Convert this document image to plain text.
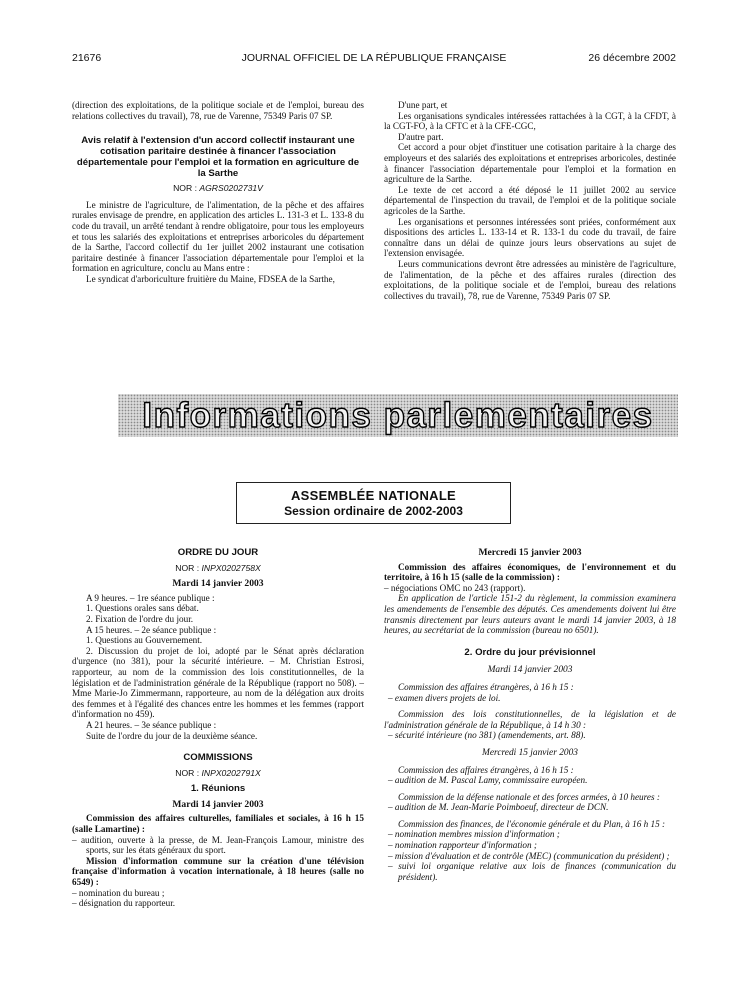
21676	JOURNAL OFFICIEL DE LA RÉPUBLIQUE FRANÇAISE	26 décembre 2002

(direction des exploitations, de la politique sociale et de l'emploi, bureau des relations collectives du travail), 78, rue de Varenne, 75349 Paris 07 SP.

Avis relatif à l'extension d'un accord collectif instaurant une cotisation paritaire destinée à financer l'association départementale pour l'emploi et la formation en agriculture de la Sarthe
NOR : AGRS0202731V

Le ministre de l'agriculture, de l'alimentation, de la pêche et des affaires rurales envisage de prendre, en application des articles L. 131-3 et L. 133-8 du code du travail, un arrêté tendant à rendre obligatoire, pour tous les employeurs et tous les salariés des exploitations et entreprises arboricoles du département de la Sarthe, l'accord collectif du 1er juillet 2002 instaurant une cotisation paritaire destinée à financer l'association départementale pour l'emploi et la formation en agriculture, conclu au Mans entre :

Le syndicat d'arboriculture fruitière du Maine, FDSEA de la Sarthe,

D'une part, et

Les organisations syndicales intéressées rattachées à la CGT, à la CFDT, à la CGT-FO, à la CFTC et à la CFE-CGC,

D'autre part.

Cet accord a pour objet d'instituer une cotisation paritaire à la charge des employeurs et des salariés des exploitations et entreprises arboricoles, destinée à financer l'association départementale pour l'emploi et la formation en agriculture de la Sarthe.

Le texte de cet accord a été déposé le 11 juillet 2002 au service départemental de l'inspection du travail, de l'emploi et de la politique sociale agricoles de la Sarthe.

Les organisations et personnes intéressées sont priées, conformément aux dispositions des articles L. 133-14 et R. 133-1 du code du travail, de faire connaître dans un délai de quinze jours leurs observations au sujet de l'extension envisagée.

Leurs communications devront être adressées au ministère de l'agriculture, de l'alimentation, de la pêche et des affaires rurales (direction des exploitations, de la politique sociale et de l'emploi, bureau des relations collectives du travail), 78, rue de Varenne, 75349 Paris 07 SP.

Informations parlementaires
ASSEMBLÉE NATIONALE
Session ordinaire de 2002-2003
ORDRE DU JOUR
NOR : INPX0202758X
Mardi 14 janvier 2003

A 9 heures. – 1re séance publique :

1. Questions orales sans débat.

2. Fixation de l'ordre du jour.

A 15 heures. – 2e séance publique :

1. Questions au Gouvernement.

2. Discussion du projet de loi, adopté par le Sénat après déclaration d'urgence (no 381), pour la sécurité intérieure. – M. Christian Estrosi, rapporteur, au nom de la commission des lois constitutionnelles, de la législation et de l'administration générale de la République (rapport no 508). – Mme Marie-Jo Zimmermann, rapporteure, au nom de la délégation aux droits des femmes et à l'égalité des chances entre les hommes et les femmes (rapport d'information no 459).

A 21 heures. – 3e séance publique :

Suite de l'ordre du jour de la deuxième séance.

COMMISSIONS
NOR : INPX0202791X
1. Réunions
Mardi 14 janvier 2003

Commission des affaires culturelles, familiales et sociales, à 16 h 15 (salle Lamartine) :

– audition, ouverte à la presse, de M. Jean-François Lamour, ministre des sports, sur les états généraux du sport.

Mission d'information commune sur la création d'une télévision française d'information à vocation internationale, à 18 heures (salle no 6549) :

– nomination du bureau ;

– désignation du rapporteur.

Mercredi 15 janvier 2003

Commission des affaires économiques, de l'environnement et du territoire, à 16 h 15 (salle de la commission) :

– négociations OMC no 243 (rapport).

En application de l'article 151-2 du règlement, la commission examinera les amendements de l'ensemble des députés. Ces amendements doivent lui être transmis directement par leurs auteurs avant le mardi 14 janvier 2003, à 18 heures, au secrétariat de la commission (bureau no 6501).

2. Ordre du jour prévisionnel
Mardi 14 janvier 2003

Commission des affaires étrangères, à 16 h 15 :

– examen divers projets de loi.

Commission des lois constitutionnelles, de la législation et de l'administration générale de la République, à 14 h 30 :

– sécurité intérieure (no 381) (amendements, art. 88).

Mercredi 15 janvier 2003

Commission des affaires étrangères, à 16 h 15 :

– audition de M. Pascal Lamy, commissaire européen.

Commission de la défense nationale et des forces armées, à 10 heures :

– audition de M. Jean-Marie Poimboeuf, directeur de DCN.

Commission des finances, de l'économie générale et du Plan, à 16 h 15 :

– nomination membres mission d'information ;

– nomination rapporteur d'information ;

– mission d'évaluation et de contrôle (MEC) (communication du président) ;

– suivi loi organique relative aux lois de finances (communication du président).
